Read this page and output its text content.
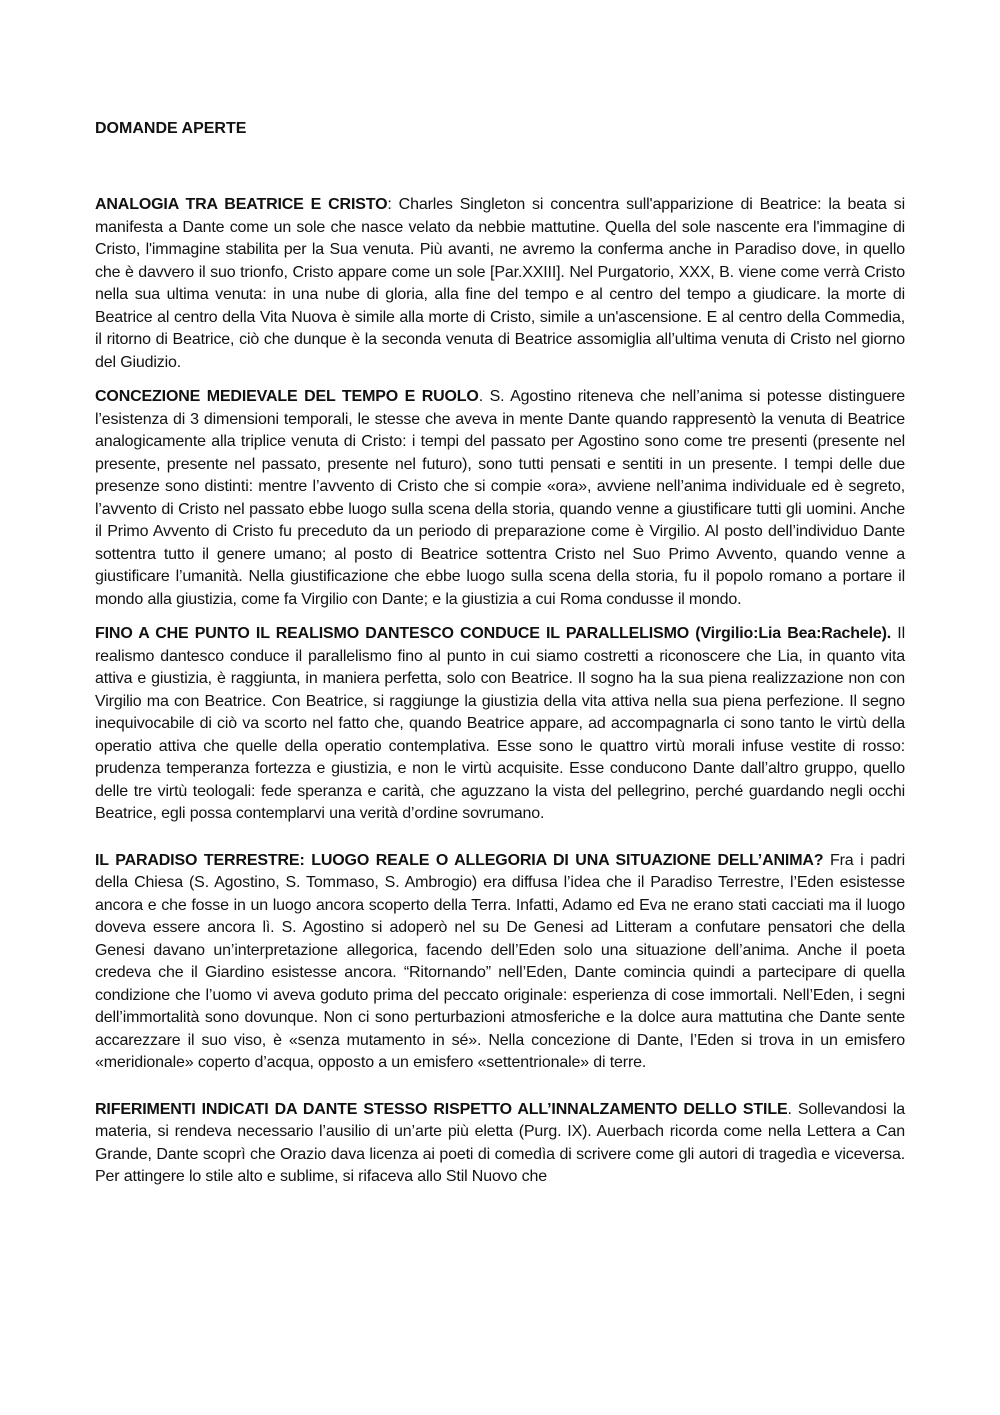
DOMANDE APERTE

ANALOGIA TRA BEATRICE E CRISTO: Charles Singleton si concentra sull'apparizione di Beatrice: la beata si manifesta a Dante come un sole che nasce velato da nebbie mattutine. Quella del sole nascente era l'immagine di Cristo, l'immagine stabilita per la Sua venuta. Più avanti, ne avremo la conferma anche in Paradiso dove, in quello che è davvero il suo trionfo, Cristo appare come un sole [Par.XXIII]. Nel Purgatorio, XXX, B. viene come verrà Cristo nella sua ultima venuta: in una nube di gloria, alla fine del tempo e al centro del tempo a giudicare. la morte di Beatrice al centro della Vita Nuova è simile alla morte di Cristo, simile a un'ascensione. E al centro della Commedia, il ritorno di Beatrice, ciò che dunque è la seconda venuta di Beatrice assomiglia all’ultima venuta di Cristo nel giorno del Giudizio.

CONCEZIONE MEDIEVALE DEL TEMPO E RUOLO. S. Agostino riteneva che nell’anima si potesse distinguere l’esistenza di 3 dimensioni temporali, le stesse che aveva in mente Dante quando rappresentò la venuta di Beatrice analogicamente alla triplice venuta di Cristo: i tempi del passato per Agostino sono come tre presenti (presente nel presente, presente nel passato, presente nel futuro), sono tutti pensati e sentiti in un presente. I tempi delle due presenze sono distinti: mentre l’avvento di Cristo che si compie «ora», avviene nell’anima individuale ed è segreto, l’avvento di Cristo nel passato ebbe luogo sulla scena della storia, quando venne a giustificare tutti gli uomini. Anche il Primo Avvento di Cristo fu preceduto da un periodo di preparazione come è Virgilio. Al posto dell’individuo Dante sottentra tutto il genere umano; al posto di Beatrice sottentra Cristo nel Suo Primo Avvento, quando venne a giustificare l’umanità. Nella giustificazione che ebbe luogo sulla scena della storia, fu il popolo romano a portare il mondo alla giustizia, come fa Virgilio con Dante; e la giustizia a cui Roma condusse il mondo.

FINO A CHE PUNTO IL REALISMO DANTESCO CONDUCE IL PARALLELISMO (Virgilio:Lia Bea:Rachele). Il realismo dantesco conduce il parallelismo fino al punto in cui siamo costretti a riconoscere che Lia, in quanto vita attiva e giustizia, è raggiunta, in maniera perfetta, solo con Beatrice. Il sogno ha la sua piena realizzazione non con Virgilio ma con Beatrice. Con Beatrice, si raggiunge la giustizia della vita attiva nella sua piena perfezione. Il segno inequivocabile di ciò va scorto nel fatto che, quando Beatrice appare, ad accompagnarla ci sono tanto le virtù della operatio attiva che quelle della operatio contemplativa. Esse sono le quattro virtù morali infuse vestite di rosso: prudenza temperanza fortezza e giustizia, e non le virtù acquisite. Esse conducono Dante dall’altro gruppo, quello delle tre virtù teologali: fede speranza e carità, che aguzzano la vista del pellegrino, perché guardando negli occhi Beatrice, egli possa contemplarvi una verità d’ordine sovrumano.

IL PARADISO TERRESTRE: LUOGO REALE O ALLEGORIA DI UNA SITUAZIONE DELL’ANIMA? Fra i padri della Chiesa (S. Agostino, S. Tommaso, S. Ambrogio) era diffusa l’idea che il Paradiso Terrestre, l’Eden esistesse ancora e che fosse in un luogo ancora scoperto della Terra. Infatti, Adamo ed Eva ne erano stati cacciati ma il luogo doveva essere ancora lì. S. Agostino si adoperò nel su De Genesi ad Litteram a confutare pensatori che della Genesi davano un’interpretazione allegorica, facendo dell’Eden solo una situazione dell’anima. Anche il poeta credeva che il Giardino esistesse ancora. “Ritornando” nell’Eden, Dante comincia quindi a partecipare di quella condizione che l’uomo vi aveva goduto prima del peccato originale: esperienza di cose immortali. Nell’Eden, i segni dell’immortalità sono dovunque. Non ci sono perturbazioni atmosferiche e la dolce aura mattutina che Dante sente accarezzare il suo viso, è «senza mutamento in sé». Nella concezione di Dante, l’Eden si trova in un emisfero «meridionale» coperto d’acqua, opposto a un emisfero «settentrionale» di terre.

RIFERIMENTI INDICATI DA DANTE STESSO RISPETTO ALL’INNALZAMENTO DELLO STILE. Sollevandosi la materia, si rendeva necessario l’ausilio di un’arte più eletta (Purg. IX). Auerbach ricorda come nella Lettera a Can Grande, Dante scoprì che Orazio dava licenza ai poeti di comedìa di scrivere come gli autori di tragedìa e viceversa. Per attingere lo stile alto e sublime, si rifaceva allo Stil Nuovo che
